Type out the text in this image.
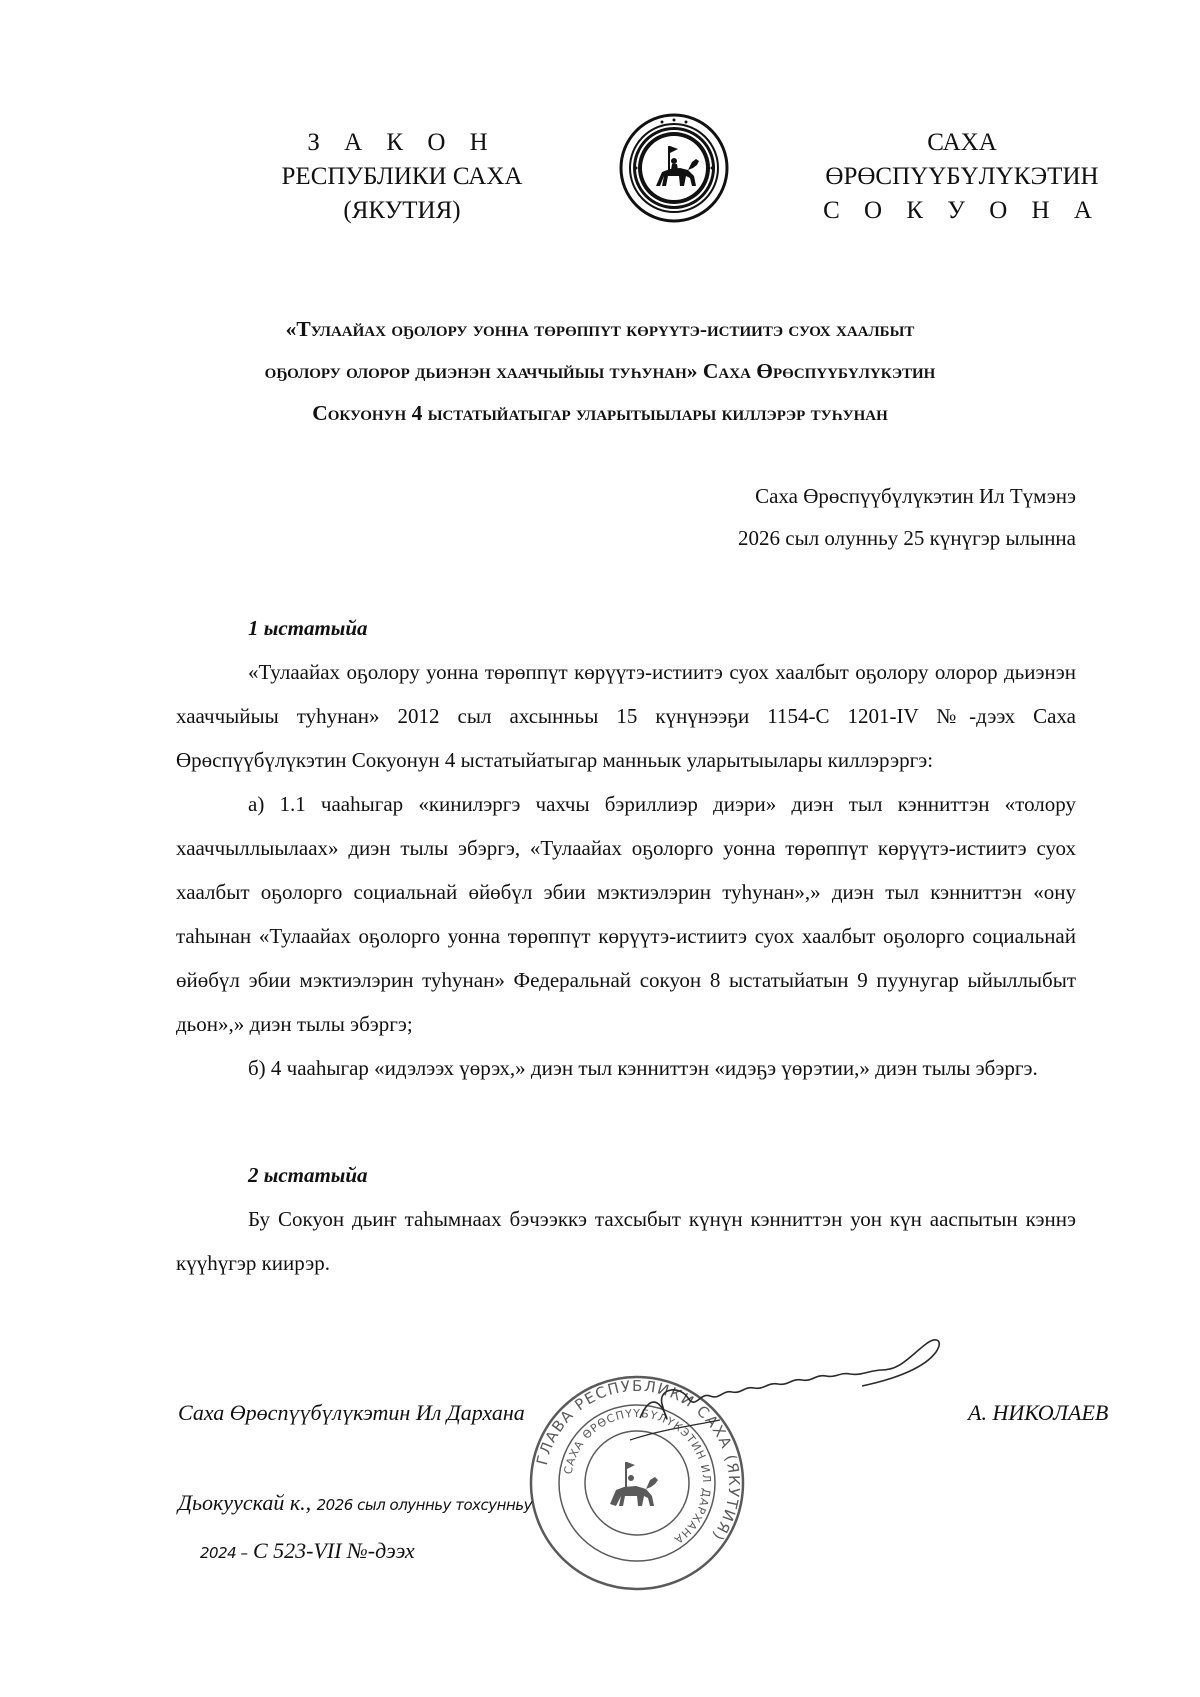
З А К О Н
РЕСПУБЛИКИ САХА (ЯКУТИЯ)
САХА ӨРӨСПҮҮБҮЛҮКЭТИН
С О К У О Н А
«Тулаайах оҕолору уонна төрөппүт көрүүтэ-истиитэ суох хаалбыт
оҕолору олорор дьиэнэн хааччыйыы туһунан» Саха Өрөспүүбүлүкэтин
Сокуонун 4 ыстатыйатыгар уларытыылары киллэрэр туһунан
Саха Өрөспүүбүлүкэтин Ил Түмэнэ
2026 сыл олунньу 25 күнүгэр ылынна
1 ыстатыйа

«Тулаайах оҕолору уонна төрөппүт көрүүтэ-истиитэ суох хаалбыт оҕолору олорор дьиэнэн хааччыйыы туһунан» 2012 сыл ахсынньы 15 күнүнээҕи 1154-С 1201-IV №-дээх Саха Өрөспүүбүлүкэтин Сокуонун 4 ыстатыйатыгар манньык уларытыылары киллэрэргэ:

а) 1.1 чааһыгар «кинилэргэ чахчы бэриллиэр диэри» диэн тыл кэнниттэн «толору хааччыллыылаах» диэн тылы эбэргэ, «Тулаайах оҕолорго уонна төрөппүт көрүүтэ-истиитэ суох хаалбыт оҕолорго социальнай өйөбүл эбии мэктиэлэрин туһунан»,» диэн тыл кэнниттэн «ону таһынан «Тулаайах оҕолорго уонна төрөппүт көрүүтэ-истиитэ суох хаалбыт оҕолорго социальнай өйөбүл эбии мэктиэлэрин туһунан» Федеральнай сокуон 8 ыстатыйатын 9 пуунугар ыйыллыбыт дьон»,» диэн тылы эбэргэ;

б) 4 чааһыгар «идэлээх үөрэх,» диэн тыл кэнниттэн «идэҕэ үөрэтии,» диэн тылы эбэргэ.

2 ыстатыйа

Бу Сокуон дьиҥ таһымнаах бэчээккэ тахсыбыт күнүн кэнниттэн уон күн ааспытын кэннэ күүһүгэр киирэр.

ГЛАВА РЕСПУБЛИКИ САХА (ЯКУТИЯ)
САХА ӨРӨСПҮҮБҮЛҮКЭТИН ИЛ ДАРХАНА
Саха Өрөспүүбүлүкэтин Ил Дархана	А. НИКОЛАЕВ
Дьокуускай к., 2026 сыл олунньу тохсунньу
2024 – С 523-VII №-дээх
